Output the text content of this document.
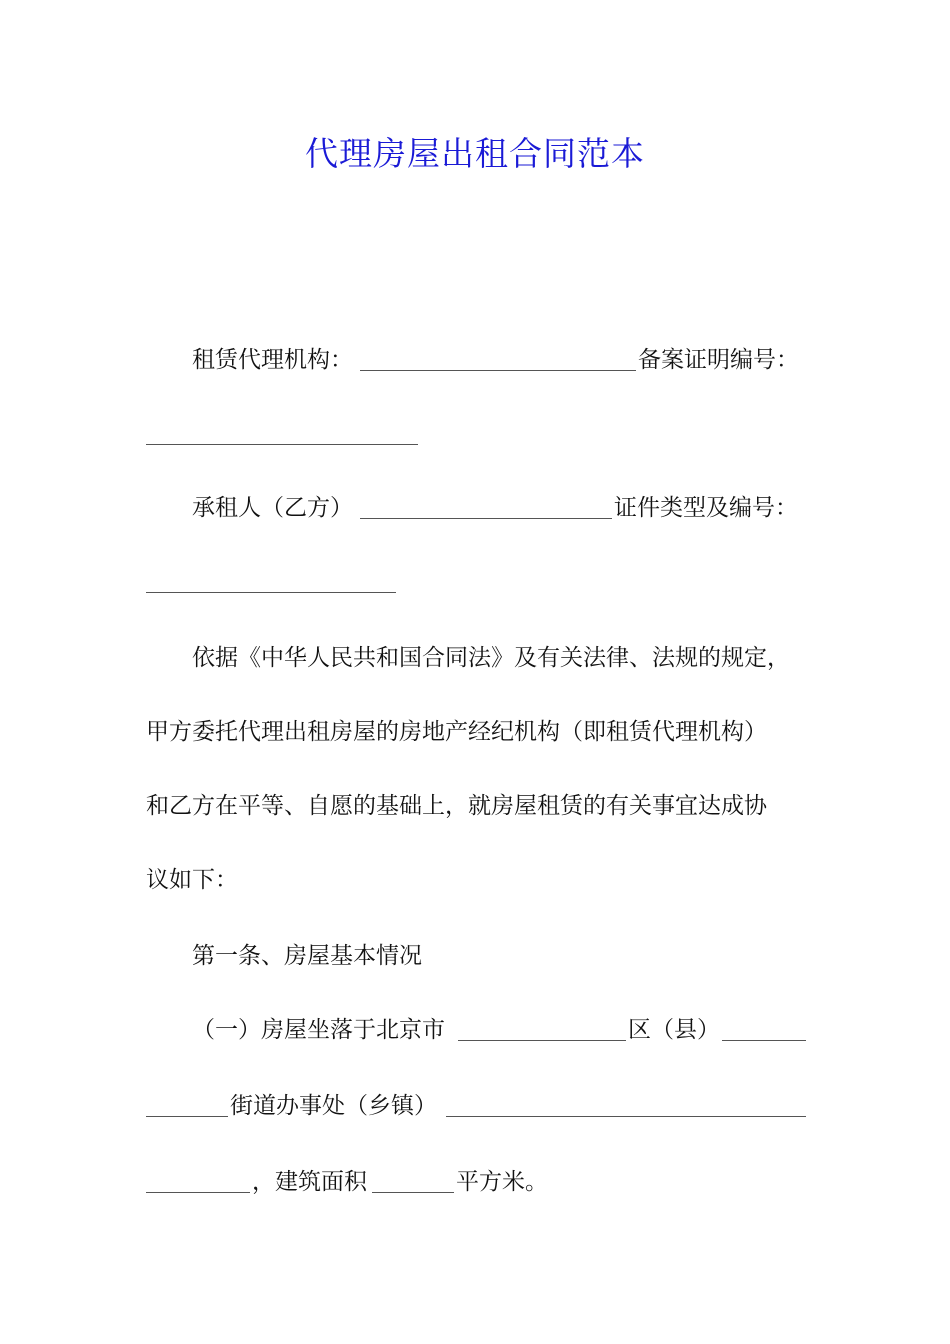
代理房屋出租合同范本
租赁代理机构：	备案证明编号：
承租人（乙方）	证件类型及编号：
依据《中华人民共和国合同法》及有关法律、法规的规定，
甲方委托代理出租房屋的房地产经纪机构（即租赁代理机构）
和乙方在平等、自愿的基础上，就房屋租赁的有关事宜达成协
议如下：
第一条、房屋基本情况
（一）房屋坐落于北京市	区（县）
街道办事处（乡镇）
，建筑面积	平方米。
